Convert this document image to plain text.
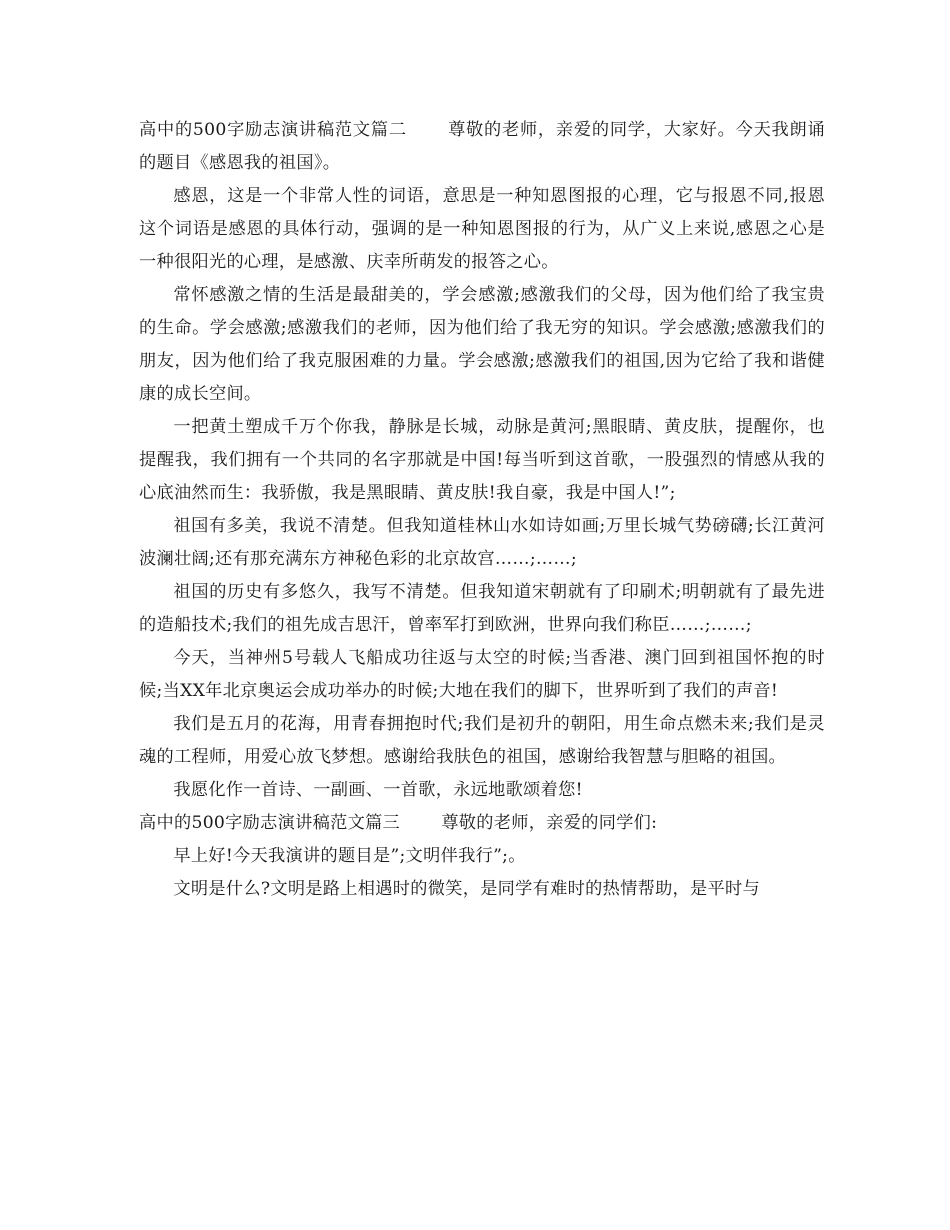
高中的500字励志演讲稿范文篇二 尊敬的老师，亲爱的同学，大家好。今天我朗诵的题目《感恩我的祖国》。

感恩，这是一个非常人性的词语，意思是一种知恩图报的心理，它与报恩不同,报恩这个词语是感恩的具体行动，强调的是一种知恩图报的行为，从广义上来说,感恩之心是一种很阳光的心理，是感激、庆幸所萌发的报答之心。

常怀感激之情的生活是最甜美的，学会感激;感激我们的父母，因为他们给了我宝贵的生命。学会感激;感激我们的老师，因为他们给了我无穷的知识。学会感激;感激我们的朋友，因为他们给了我克服困难的力量。学会感激;感激我们的祖国,因为它给了我和谐健康的成长空间。

一把黄土塑成千万个你我，静脉是长城，动脉是黄河;黑眼睛、黄皮肤，提醒你，也提醒我，我们拥有一个共同的名字那就是中国!每当听到这首歌，一股强烈的情感从我的心底油然而生：我骄傲，我是黑眼睛、黄皮肤!我自豪，我是中国人!”;

祖国有多美，我说不清楚。但我知道桂林山水如诗如画;万里长城气势磅礴;长江黄河波澜壮阔;还有那充满东方神秘色彩的北京故宫……;……;

祖国的历史有多悠久，我写不清楚。但我知道宋朝就有了印刷术;明朝就有了最先进的造船技术;我们的祖先成吉思汗，曾率军打到欧洲，世界向我们称臣……;……;

今天，当神州5号载人飞船成功往返与太空的时候;当香港、澳门回到祖国怀抱的时候;当XX年北京奥运会成功举办的时候;大地在我们的脚下，世界听到了我们的声音!

我们是五月的花海，用青春拥抱时代;我们是初升的朝阳，用生命点燃未来;我们是灵魂的工程师，用爱心放飞梦想。感谢给我肤色的祖国，感谢给我智慧与胆略的祖国。

我愿化作一首诗、一副画、一首歌，永远地歌颂着您!

高中的500字励志演讲稿范文篇三 尊敬的老师，亲爱的同学们:

早上好!今天我演讲的题目是”;文明伴我行”;。

文明是什么?文明是路上相遇时的微笑，是同学有难时的热情帮助，是平时与
